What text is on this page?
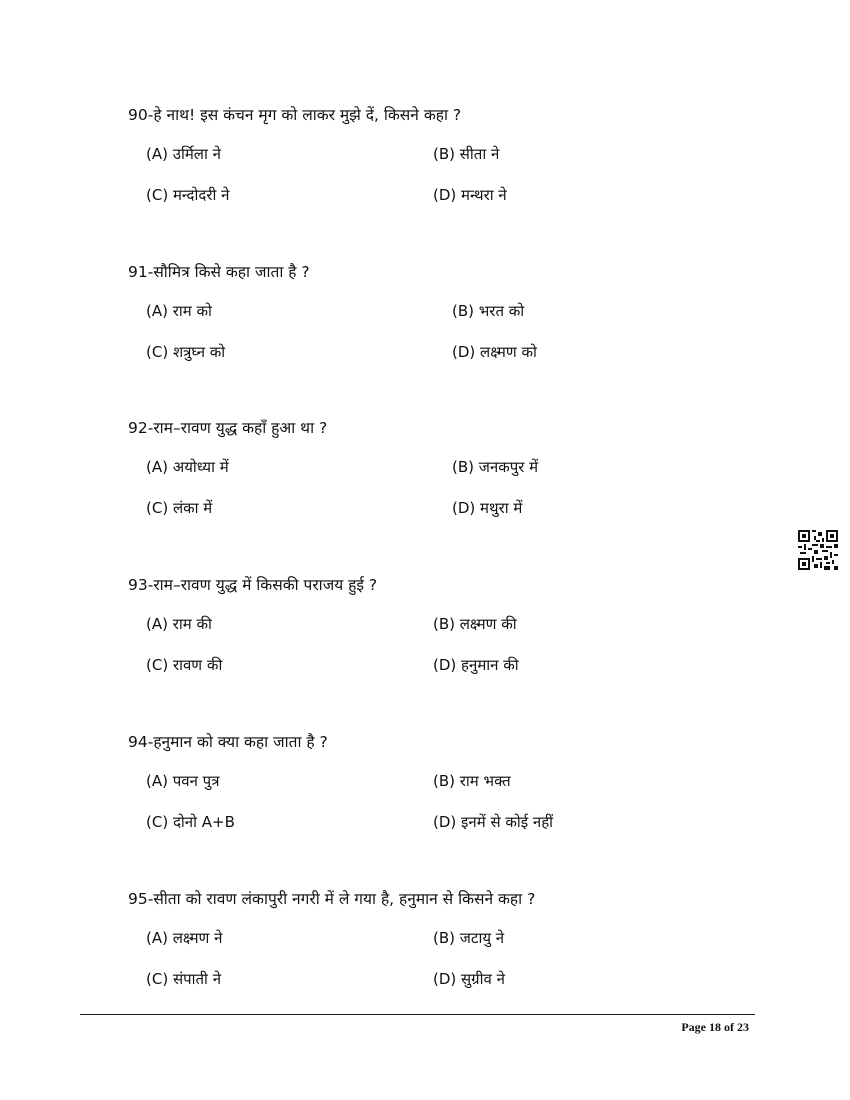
90-हे नाथ! इस कंचन मृग को लाकर मुझे दें, किसने कहा ?
(A) उर्मिला ने	(B) सीता ने
(C) मन्दोदरी ने	(D) मन्थरा ने
91-सौमित्र किसे कहा जाता है ?
(A) राम को	(B) भरत को
(C) शत्रुघ्न को	(D) लक्ष्मण को
92-राम–रावण युद्ध कहाँ हुआ था ?
(A) अयोध्या में	(B) जनकपुर में
(C) लंका में	(D) मथुरा में
93-राम–रावण युद्ध में किसकी पराजय हुई ?
(A) राम की	(B) लक्ष्मण की
(C) रावण की	(D) हनुमान की
94-हनुमान को क्या कहा जाता है ?
(A) पवन पुत्र	(B) राम भक्त
(C) दोनो A+B	(D) इनमें से कोई नहीं
95-सीता को रावण लंकापुरी नगरी में ले गया है, हनुमान से किसने कहा ?
(A) लक्ष्मण ने	(B) जटायु ने
(C) संपाती ने	(D) सुग्रीव ने
Page 18 of 23
